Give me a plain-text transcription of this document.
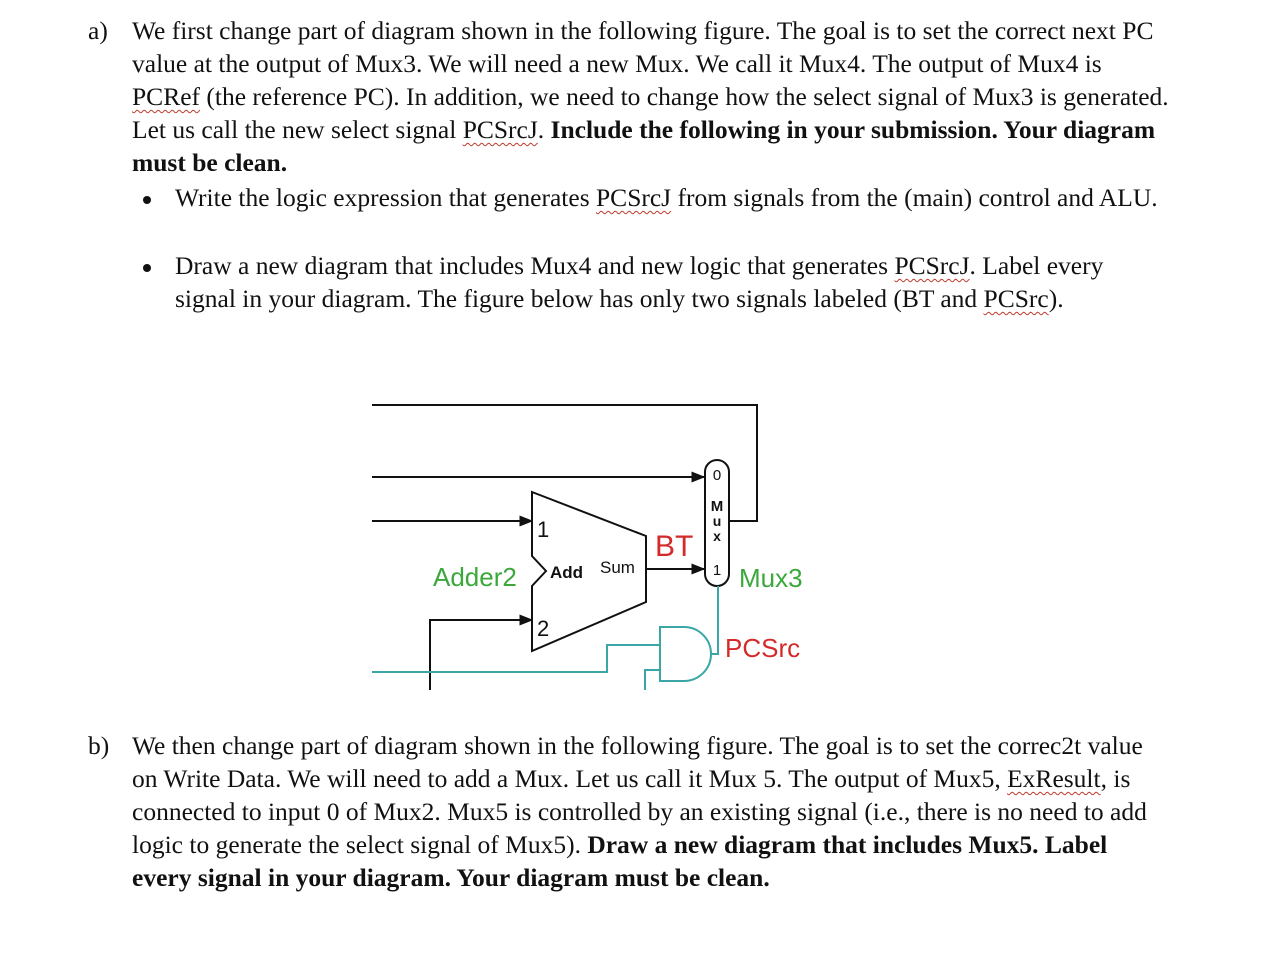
a) We first change part of diagram shown in the following figure. The goal is to set the correct next PC value at the output of Mux3. We will need a new Mux. We call it Mux4. The output of Mux4 is PCRef (the reference PC). In addition, we need to change how the select signal of Mux3 is generated. Let us call the new select signal PCSrcJ. Include the following in your submission. Your diagram must be clean.
Write the logic expression that generates PCSrcJ from signals from the (main) control and ALU.
Draw a new diagram that includes Mux4 and new logic that generates PCSrcJ. Label every signal in your diagram. The figure below has only two signals labeled (BT and PCSrc).
Adder2 Add Sum
1
2
BT
0
M
u
x
1 Mux3
PCSrc
b) We then change part of diagram shown in the following figure. The goal is to set the correc2t value on Write Data. We will need to add a Mux. Let us call it Mux 5. The output of Mux5, ExResult, is connected to input 0 of Mux2. Mux5 is controlled by an existing signal (i.e., there is no need to add logic to generate the select signal of Mux5). Draw a new diagram that includes Mux5. Label every signal in your diagram. Your diagram must be clean.
